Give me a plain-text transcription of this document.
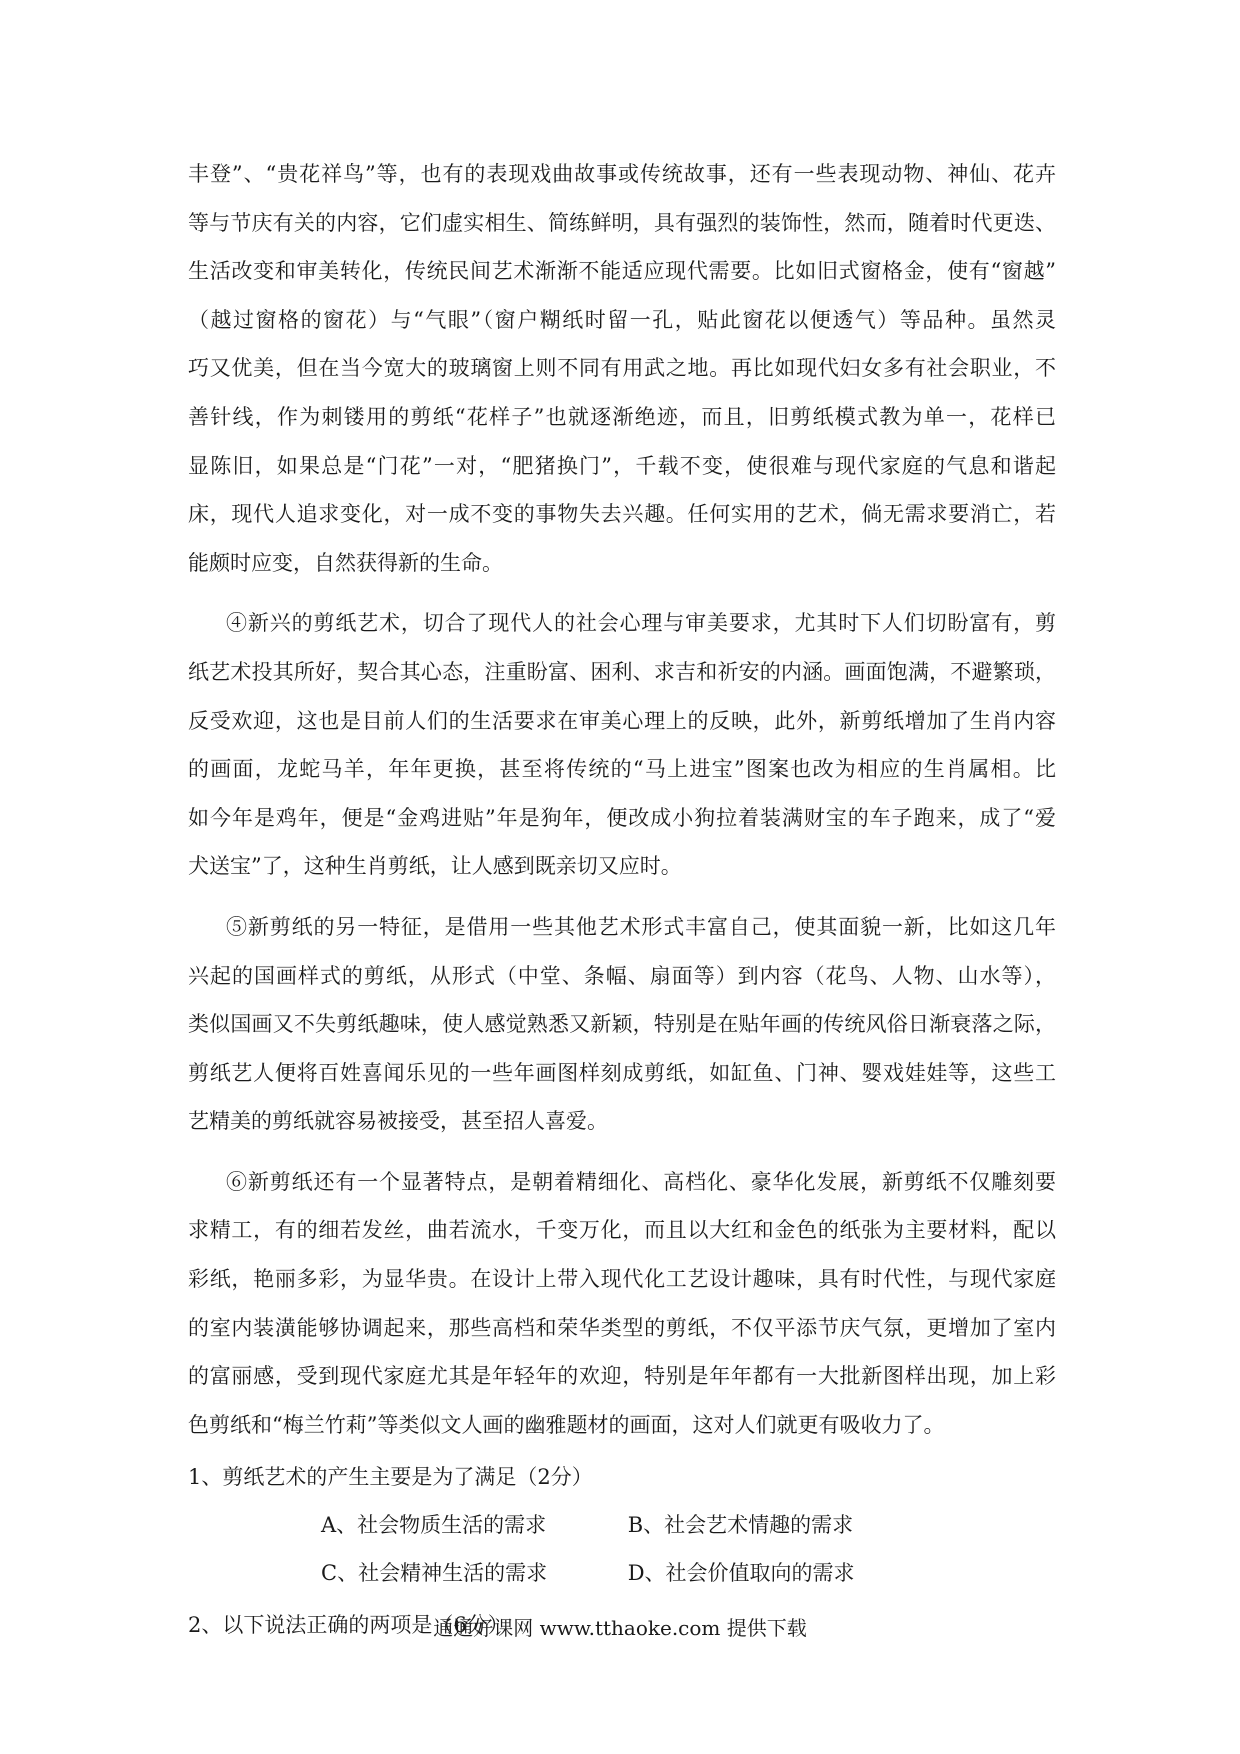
丰登”、“贵花祥鸟”等，也有的表现戏曲故事或传统故事，还有一些表现动物、神仙、花卉
等与节庆有关的内容，它们虚实相生、简练鲜明，具有强烈的装饰性，然而，随着时代更迭、
生活改变和审美转化，传统民间艺术渐渐不能适应现代需要。比如旧式窗格金，使有“窗越”
（越过窗格的窗花）与“气眼”（窗户糊纸时留一孔，贴此窗花以便透气）等品种。虽然灵
巧又优美，但在当今宽大的玻璃窗上则不同有用武之地。再比如现代妇女多有社会职业，不
善针线，作为刺镂用的剪纸“花样子”也就逐渐绝迹，而且，旧剪纸模式教为单一，花样已
显陈旧，如果总是“门花”一对，“肥猪换门”，千载不变，使很难与现代家庭的气息和谐起
床，现代人追求变化，对一成不变的事物失去兴趣。任何实用的艺术，倘无需求要消亡，若
能颇时应变，自然获得新的生命。
④新兴的剪纸艺术，切合了现代人的社会心理与审美要求，尤其时下人们切盼富有，剪
纸艺术投其所好，契合其心态，注重盼富、困利、求吉和祈安的内涵。画面饱满，不避繁琐，
反受欢迎，这也是目前人们的生活要求在审美心理上的反映，此外，新剪纸增加了生肖内容
的画面，龙蛇马羊，年年更换，甚至将传统的“马上进宝”图案也改为相应的生肖属相。比
如今年是鸡年，便是“金鸡进贴”年是狗年，便改成小狗拉着装满财宝的车子跑来，成了“爱
犬送宝”了，这种生肖剪纸，让人感到既亲切又应时。
⑤新剪纸的另一特征，是借用一些其他艺术形式丰富自己，使其面貌一新，比如这几年
兴起的国画样式的剪纸，从形式（中堂、条幅、扇面等）到内容（花鸟、人物、山水等），
类似国画又不失剪纸趣味，使人感觉熟悉又新颖，特别是在贴年画的传统风俗日渐衰落之际，
剪纸艺人便将百姓喜闻乐见的一些年画图样刻成剪纸，如缸鱼、门神、婴戏娃娃等，这些工
艺精美的剪纸就容易被接受，甚至招人喜爱。
⑥新剪纸还有一个显著特点，是朝着精细化、高档化、豪华化发展，新剪纸不仅雕刻要
求精工，有的细若发丝，曲若流水，千变万化，而且以大红和金色的纸张为主要材料，配以
彩纸，艳丽多彩，为显华贵。在设计上带入现代化工艺设计趣味，具有时代性，与现代家庭
的室内装潢能够协调起来，那些高档和荣华类型的剪纸，不仅平添节庆气氛，更增加了室内
的富丽感，受到现代家庭尤其是年轻年的欢迎，特别是年年都有一大批新图样出现，加上彩
色剪纸和“梅兰竹莉”等类似文人画的幽雅题材的画面，这对人们就更有吸收力了。
1、剪纸艺术的产生主要是为了满足（2分）
A、社会物质生活的需求	B、社会艺术情趣的需求
C、社会精神生活的需求	D、社会价值取向的需求
2、以下说法正确的两项是（6分）
通通好课网 www.tthaoke.com 提供下载
